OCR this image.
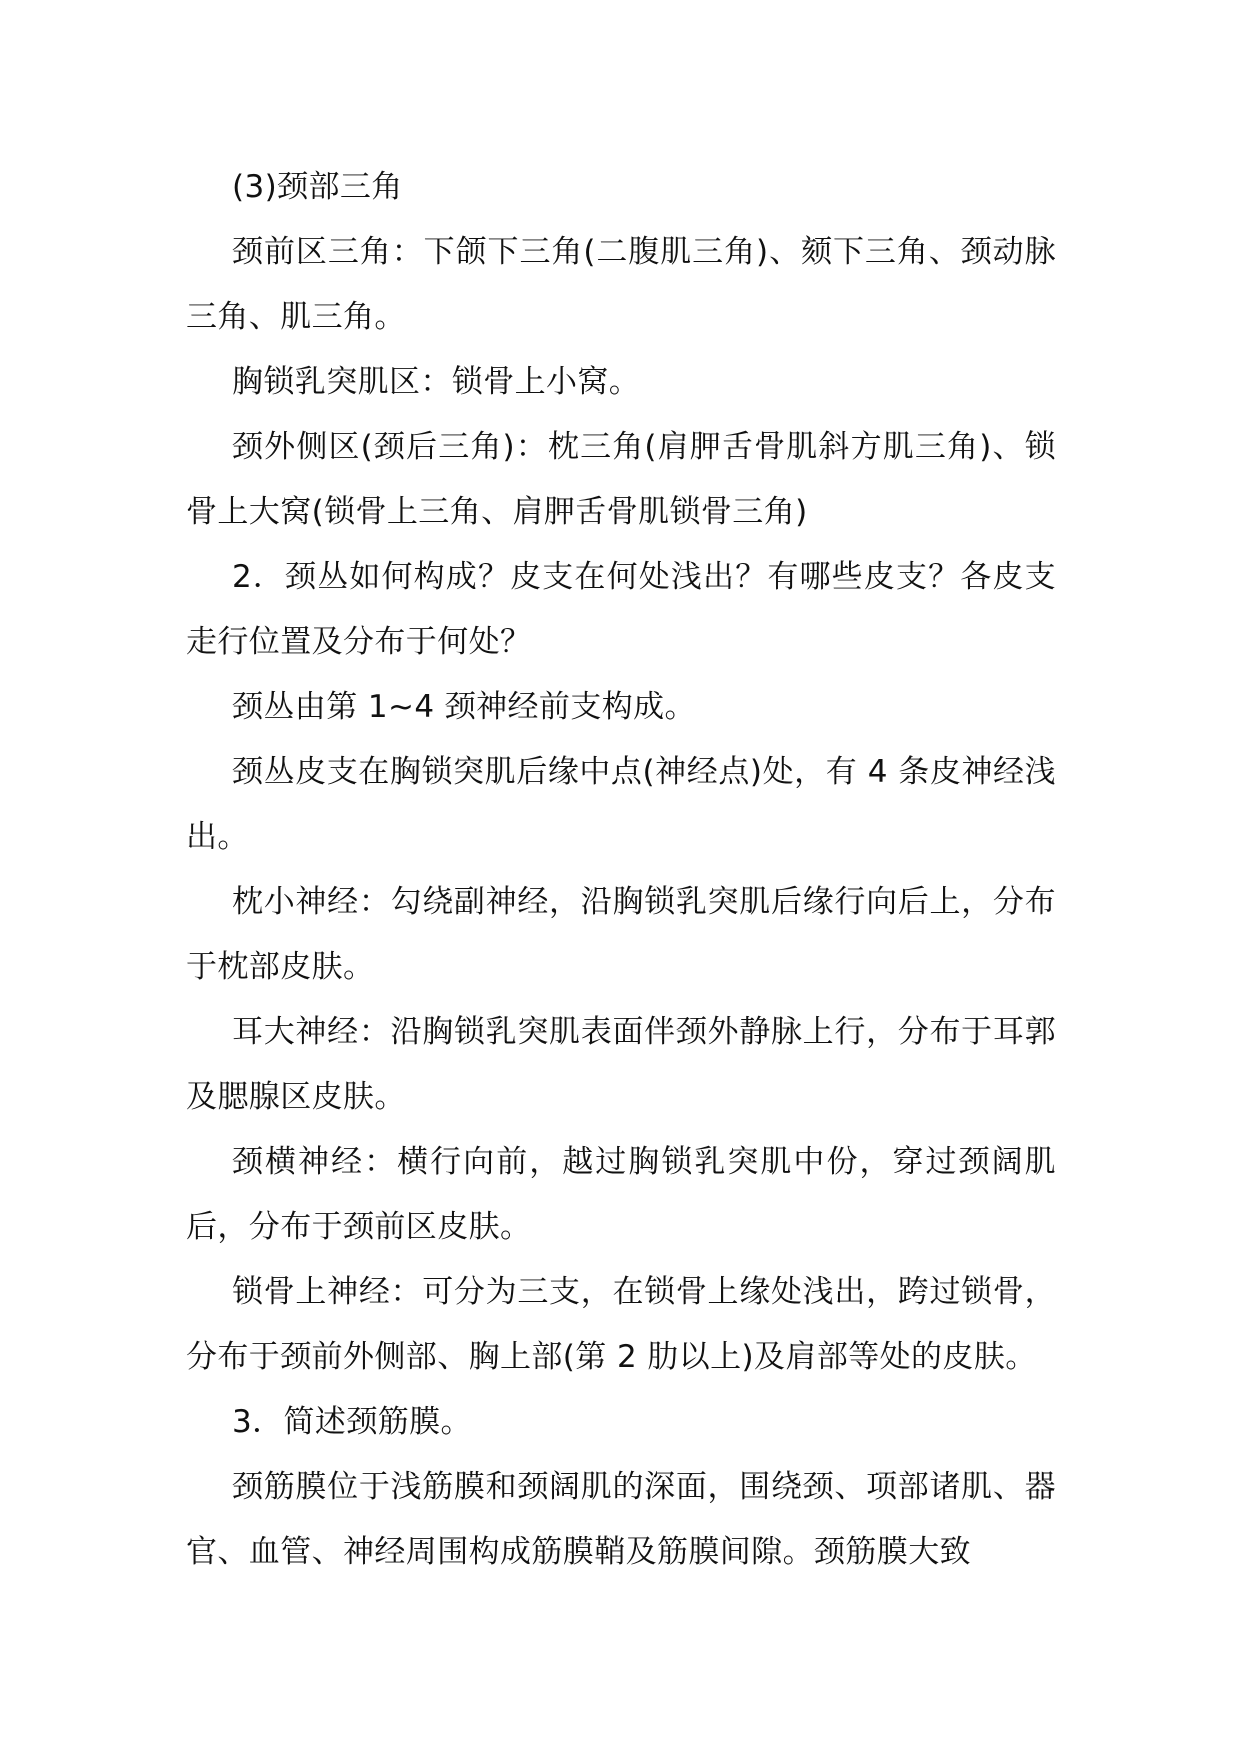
(3)颈部三角

颈前区三角：下颌下三角(二腹肌三角)、颏下三角、颈动脉三角、肌三角。

胸锁乳突肌区：锁骨上小窝。

颈外侧区(颈后三角)：枕三角(肩胛舌骨肌斜方肌三角)、锁骨上大窝(锁骨上三角、肩胛舌骨肌锁骨三角)

2．颈丛如何构成？皮支在何处浅出？有哪些皮支？各皮支走行位置及分布于何处？

颈丛由第 1~4 颈神经前支构成。

颈丛皮支在胸锁突肌后缘中点(神经点)处，有 4 条皮神经浅出。

枕小神经：勾绕副神经，沿胸锁乳突肌后缘行向后上，分布于枕部皮肤。

耳大神经：沿胸锁乳突肌表面伴颈外静脉上行，分布于耳郭及腮腺区皮肤。

颈横神经：横行向前，越过胸锁乳突肌中份，穿过颈阔肌后，分布于颈前区皮肤。

锁骨上神经：可分为三支，在锁骨上缘处浅出，跨过锁骨，分布于颈前外侧部、胸上部(第 2 肋以上)及肩部等处的皮肤。

3．简述颈筋膜。

颈筋膜位于浅筋膜和颈阔肌的深面，围绕颈、项部诸肌、器官、血管、神经周围构成筋膜鞘及筋膜间隙。颈筋膜大致
